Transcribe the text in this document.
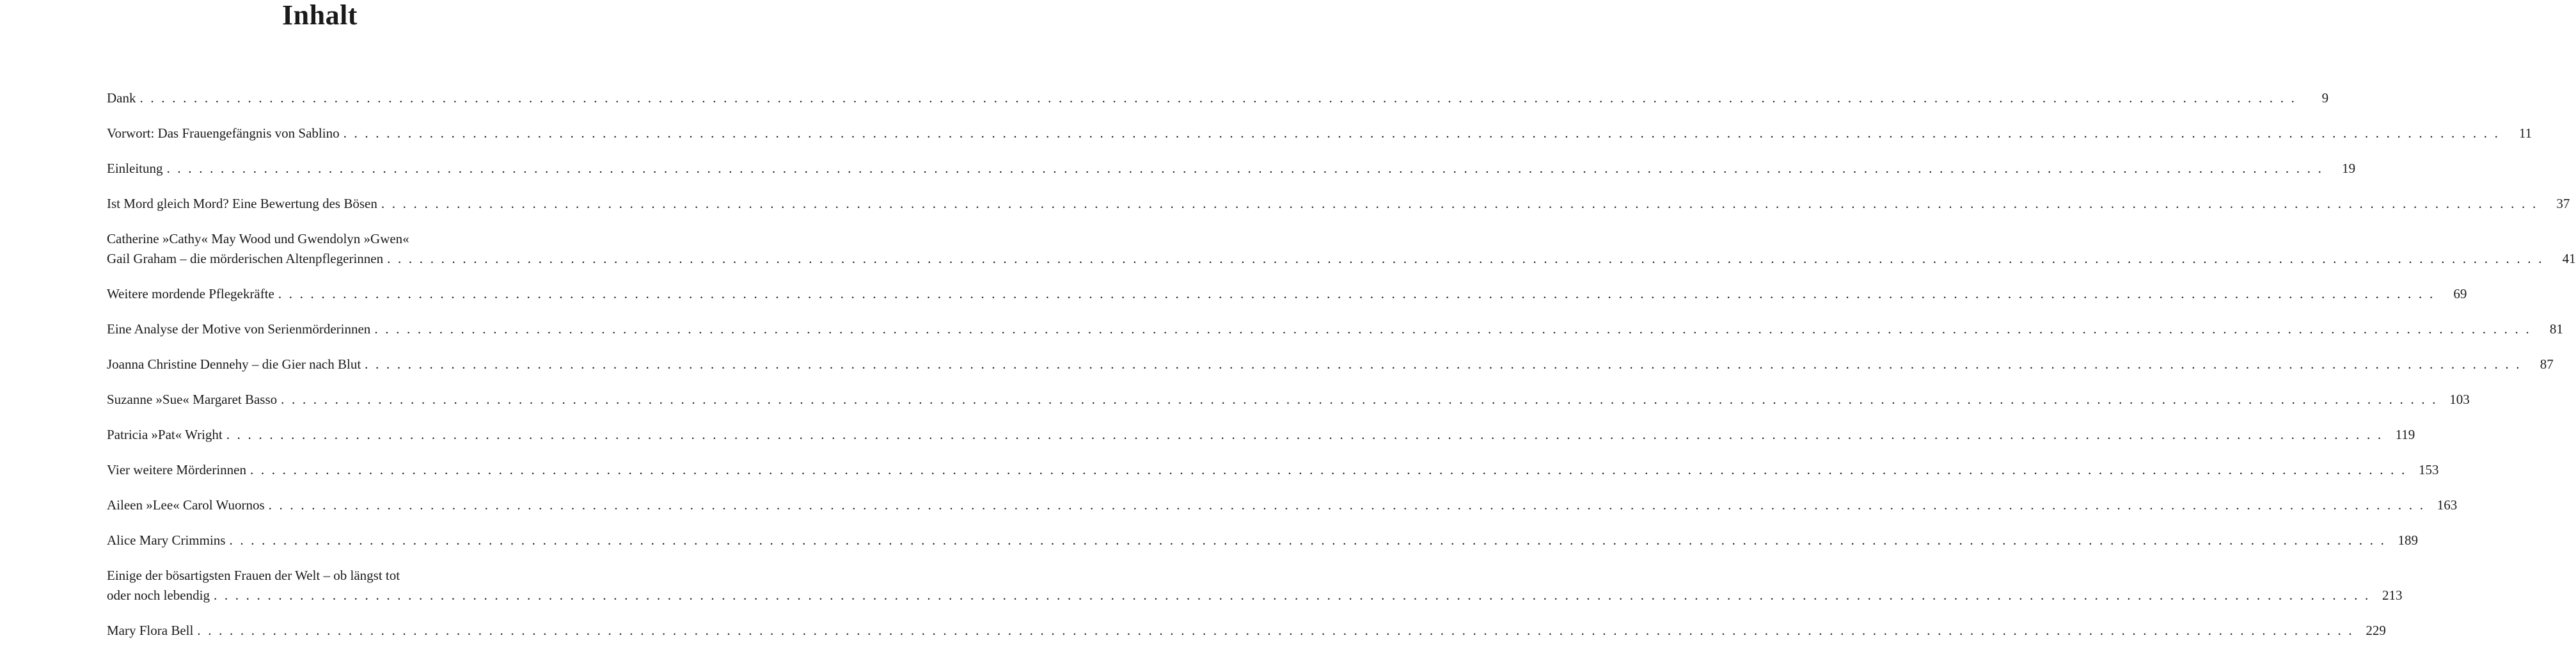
Inhalt
Dank . . . . . . . . . . . . . . . . . . . . . . . . . . . . . . . . . . . . . . . . . . . . . . . . . . . . . . . . . . . . . . . . . . . . . . . . . . . . . . . . . . . . . . . . . . . . . . . . . . . . . . . . . . . . . . . . . . . . . . . . . . . . . . . . . . . . . . . . . . . . . . . . . . . . . . . . . . . . . . . . . . . . . . . . . . . . . . . . . . . . . . . . . . . . . . . . . . . . . . . .	9
Vorwort: Das Frauengefängnis von Sablino . . . . . . . . . . . . . . . . . . . . . . . . . . . . . . . . . . . . . . . . . . . . . . . . . . . . . . . . . . . . . . . . . . . . . . . . . . . . . . . . . . . . . . . . . . . . . . . . . . . . . . . . . . . . . . . . . . . . . . . . . . . . . . . . . . . . . . . . . . . . . . . . . . . . . . . . . . . . . . . . . . . . . . . . . . . . . . . . . . . . . . . . . . . . . . . . . . . . . . . .	11
Einleitung . . . . . . . . . . . . . . . . . . . . . . . . . . . . . . . . . . . . . . . . . . . . . . . . . . . . . . . . . . . . . . . . . . . . . . . . . . . . . . . . . . . . . . . . . . . . . . . . . . . . . . . . . . . . . . . . . . . . . . . . . . . . . . . . . . . . . . . . . . . . . . . . . . . . . . . . . . . . . . . . . . . . . . . . . . . . . . . . . . . . . . . . . . . . . . . . . . . . . . . .	19
Ist Mord gleich Mord? Eine Bewertung des Bösen . . . . . . . . . . . . . . . . . . . . . . . . . . . . . . . . . . . . . . . . . . . . . . . . . . . . . . . . . . . . . . . . . . . . . . . . . . . . . . . . . . . . . . . . . . . . . . . . . . . . . . . . . . . . . . . . . . . . . . . . . . . . . . . . . . . . . . . . . . . . . . . . . . . . . . . . . . . . . . . . . . . . . . . . . . . . . . . . . . . . . . . . . . . . . . . . . . . . . . . .	37
Catherine »Cathy« May Wood und Gwendolyn »Gwen«
Gail Graham – die mörderischen Altenpflegerinnen . . . . . . . . . . . . . . . . . . . . . . . . . . . . . . . . . . . . . . . . . . . . . . . . . . . . . . . . . . . . . . . . . . . . . . . . . . . . . . . . . . . . . . . . . . . . . . . . . . . . . . . . . . . . . . . . . . . . . . . . . . . . . . . . . . . . . . . . . . . . . . . . . . . . . . . . . . . . . . . . . . . . . . . . . . . . . . . . . . . . . . . . . . . . . . . . . . . . . . . .	41
Weitere mordende Pflegekräfte . . . . . . . . . . . . . . . . . . . . . . . . . . . . . . . . . . . . . . . . . . . . . . . . . . . . . . . . . . . . . . . . . . . . . . . . . . . . . . . . . . . . . . . . . . . . . . . . . . . . . . . . . . . . . . . . . . . . . . . . . . . . . . . . . . . . . . . . . . . . . . . . . . . . . . . . . . . . . . . . . . . . . . . . . . . . . . . . . . . . . . . . . . . . . . . . . . . . . . . .	69
Eine Analyse der Motive von Serienmörderinnen . . . . . . . . . . . . . . . . . . . . . . . . . . . . . . . . . . . . . . . . . . . . . . . . . . . . . . . . . . . . . . . . . . . . . . . . . . . . . . . . . . . . . . . . . . . . . . . . . . . . . . . . . . . . . . . . . . . . . . . . . . . . . . . . . . . . . . . . . . . . . . . . . . . . . . . . . . . . . . . . . . . . . . . . . . . . . . . . . . . . . . . . . . . . . . . . . . . . . . . .	81
Joanna Christine Dennehy – die Gier nach Blut . . . . . . . . . . . . . . . . . . . . . . . . . . . . . . . . . . . . . . . . . . . . . . . . . . . . . . . . . . . . . . . . . . . . . . . . . . . . . . . . . . . . . . . . . . . . . . . . . . . . . . . . . . . . . . . . . . . . . . . . . . . . . . . . . . . . . . . . . . . . . . . . . . . . . . . . . . . . . . . . . . . . . . . . . . . . . . . . . . . . . . . . . . . . . . . . . . . . . . . .	87
Suzanne »Sue« Margaret Basso . . . . . . . . . . . . . . . . . . . . . . . . . . . . . . . . . . . . . . . . . . . . . . . . . . . . . . . . . . . . . . . . . . . . . . . . . . . . . . . . . . . . . . . . . . . . . . . . . . . . . . . . . . . . . . . . . . . . . . . . . . . . . . . . . . . . . . . . . . . . . . . . . . . . . . . . . . . . . . . . . . . . . . . . . . . . . . . . . . . . . . . . . . . . . . . . . . . . . . . . 103
Patricia »Pat« Wright . . . . . . . . . . . . . . . . . . . . . . . . . . . . . . . . . . . . . . . . . . . . . . . . . . . . . . . . . . . . . . . . . . . . . . . . . . . . . . . . . . . . . . . . . . . . . . . . . . . . . . . . . . . . . . . . . . . . . . . . . . . . . . . . . . . . . . . . . . . . . . . . . . . . . . . . . . . . . . . . . . . . . . . . . . . . . . . . . . . . . . . . . . . . . . . . . . . . . . . . 119
Vier weitere Mörderinnen . . . . . . . . . . . . . . . . . . . . . . . . . . . . . . . . . . . . . . . . . . . . . . . . . . . . . . . . . . . . . . . . . . . . . . . . . . . . . . . . . . . . . . . . . . . . . . . . . . . . . . . . . . . . . . . . . . . . . . . . . . . . . . . . . . . . . . . . . . . . . . . . . . . . . . . . . . . . . . . . . . . . . . . . . . . . . . . . . . . . . . . . . . . . . . . . . . . . . . . . 153
Aileen »Lee« Carol Wuornos . . . . . . . . . . . . . . . . . . . . . . . . . . . . . . . . . . . . . . . . . . . . . . . . . . . . . . . . . . . . . . . . . . . . . . . . . . . . . . . . . . . . . . . . . . . . . . . . . . . . . . . . . . . . . . . . . . . . . . . . . . . . . . . . . . . . . . . . . . . . . . . . . . . . . . . . . . . . . . . . . . . . . . . . . . . . . . . . . . . . . . . . . . . . . . . . . . . . . . . . 163
Alice Mary Crimmins . . . . . . . . . . . . . . . . . . . . . . . . . . . . . . . . . . . . . . . . . . . . . . . . . . . . . . . . . . . . . . . . . . . . . . . . . . . . . . . . . . . . . . . . . . . . . . . . . . . . . . . . . . . . . . . . . . . . . . . . . . . . . . . . . . . . . . . . . . . . . . . . . . . . . . . . . . . . . . . . . . . . . . . . . . . . . . . . . . . . . . . . . . . . . . . . . . . . . . . . 189
Einige der bösartigsten Frauen der Welt – ob längst tot
oder noch lebendig . . . . . . . . . . . . . . . . . . . . . . . . . . . . . . . . . . . . . . . . . . . . . . . . . . . . . . . . . . . . . . . . . . . . . . . . . . . . . . . . . . . . . . . . . . . . . . . . . . . . . . . . . . . . . . . . . . . . . . . . . . . . . . . . . . . . . . . . . . . . . . . . . . . . . . . . . . . . . . . . . . . . . . . . . . . . . . . . . . . . . . . . . . . . . . . . . . . . . . . . 213
Mary Flora Bell . . . . . . . . . . . . . . . . . . . . . . . . . . . . . . . . . . . . . . . . . . . . . . . . . . . . . . . . . . . . . . . . . . . . . . . . . . . . . . . . . . . . . . . . . . . . . . . . . . . . . . . . . . . . . . . . . . . . . . . . . . . . . . . . . . . . . . . . . . . . . . . . . . . . . . . . . . . . . . . . . . . . . . . . . . . . . . . . . . . . . . . . . . . . . . . . . . . . . . . . 229
